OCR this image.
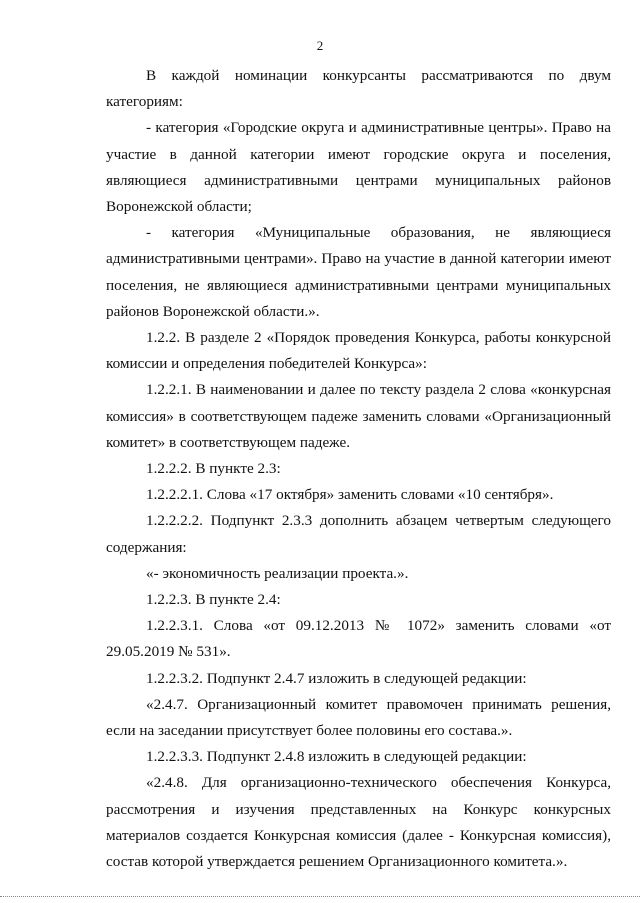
2

В каждой номинации конкурсанты рассматриваются по двум категориям:

- категория «Городские округа и административные центры». Право на участие в данной категории имеют городские округа и поселения, являющиеся административными центрами муниципальных районов Воронежской области;

- категория «Муниципальные образования, не являющиеся административными центрами». Право на участие в данной категории имеют поселения, не являющиеся административными центрами муниципальных районов Воронежской области.».

1.2.2. В разделе 2 «Порядок проведения Конкурса, работы конкурсной комиссии и определения победителей Конкурса»:

1.2.2.1. В наименовании и далее по тексту раздела 2 слова «конкурсная комиссия» в соответствующем падеже заменить словами «Организационный комитет» в соответствующем падеже.

1.2.2.2. В пункте 2.3:

1.2.2.2.1. Слова «17 октября» заменить словами «10 сентября».

1.2.2.2.2. Подпункт 2.3.3 дополнить абзацем четвертым следующего содержания:

«- экономичность реализации проекта.».

1.2.2.3. В пункте 2.4:

1.2.2.3.1. Слова «от 09.12.2013 № 1072» заменить словами «от 29.05.2019 № 531».

1.2.2.3.2. Подпункт 2.4.7 изложить в следующей редакции:

«2.4.7. Организационный комитет правомочен принимать решения, если на заседании присутствует более половины его состава.».

1.2.2.3.3. Подпункт 2.4.8 изложить в следующей редакции:

«2.4.8. Для организационно-технического обеспечения Конкурса, рассмотрения и изучения представленных на Конкурс конкурсных материалов создается Конкурсная комиссия (далее - Конкурсная комиссия), состав которой утверждается решением Организационного комитета.».
